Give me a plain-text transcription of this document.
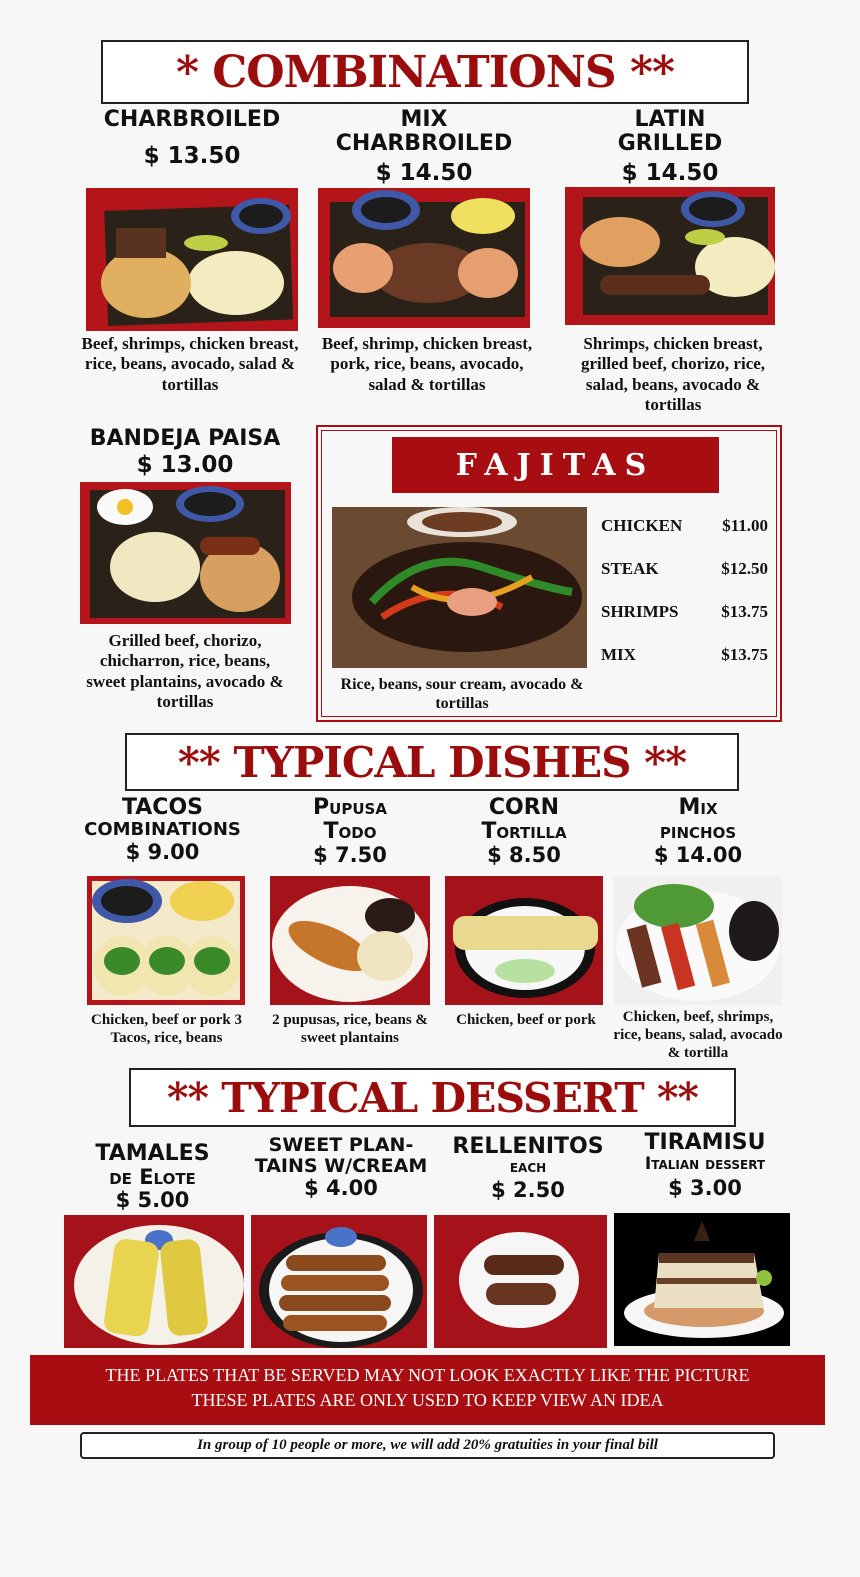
* COMBINATIONS **
CHARBROILED
$ 13.50
Beef, shrimps, chicken breast, rice, beans, avocado, salad & tortillas
MIX CHARBROILED
$ 14.50
Beef, shrimp, chicken breast, pork, rice, beans, avocado, salad & tortillas
LATIN GRILLED
$ 14.50
Shrimps, chicken breast, grilled beef, chorizo, rice, salad, beans, avocado & tortillas
BANDEJA PAISA
$ 13.00
Grilled beef, chorizo, chicharron, rice, beans, sweet plantains, avocado & tortillas
FAJITAS
Rice, beans, sour cream, avocado & tortillas
CHICKEN $11.00
STEAK	$12.50
SHRIMPS	$13.75
MIX	$13.75
** TYPICAL DISHES **
TACOS
COMBINATIONS
$ 9.00
Chicken, beef or pork 3 Tacos, rice, beans
Pupusa
Todo
$ 7.50
2 pupusas, rice, beans & sweet plantains
CORN
Tortilla
$ 8.50
Chicken, beef or pork
Mix
pinchos
$ 14.00
Chicken, beef, shrimps, rice, beans, salad, avocado & tortilla
** TYPICAL DESSERT **
TAMALES
de Elote
$ 5.00
SWEET PLAN-
TAINS W/CREAM
$ 4.00
RELLENITOS
each
$ 2.50
TIRAMISU
Italian dessert
$ 3.00
THE PLATES THAT BE SERVED MAY NOT LOOK EXACTLY LIKE THE PICTURE
THESE PLATES ARE ONLY USED TO KEEP VIEW AN IDEA
In group of 10 people or more, we will add 20% gratuities in your final bill
